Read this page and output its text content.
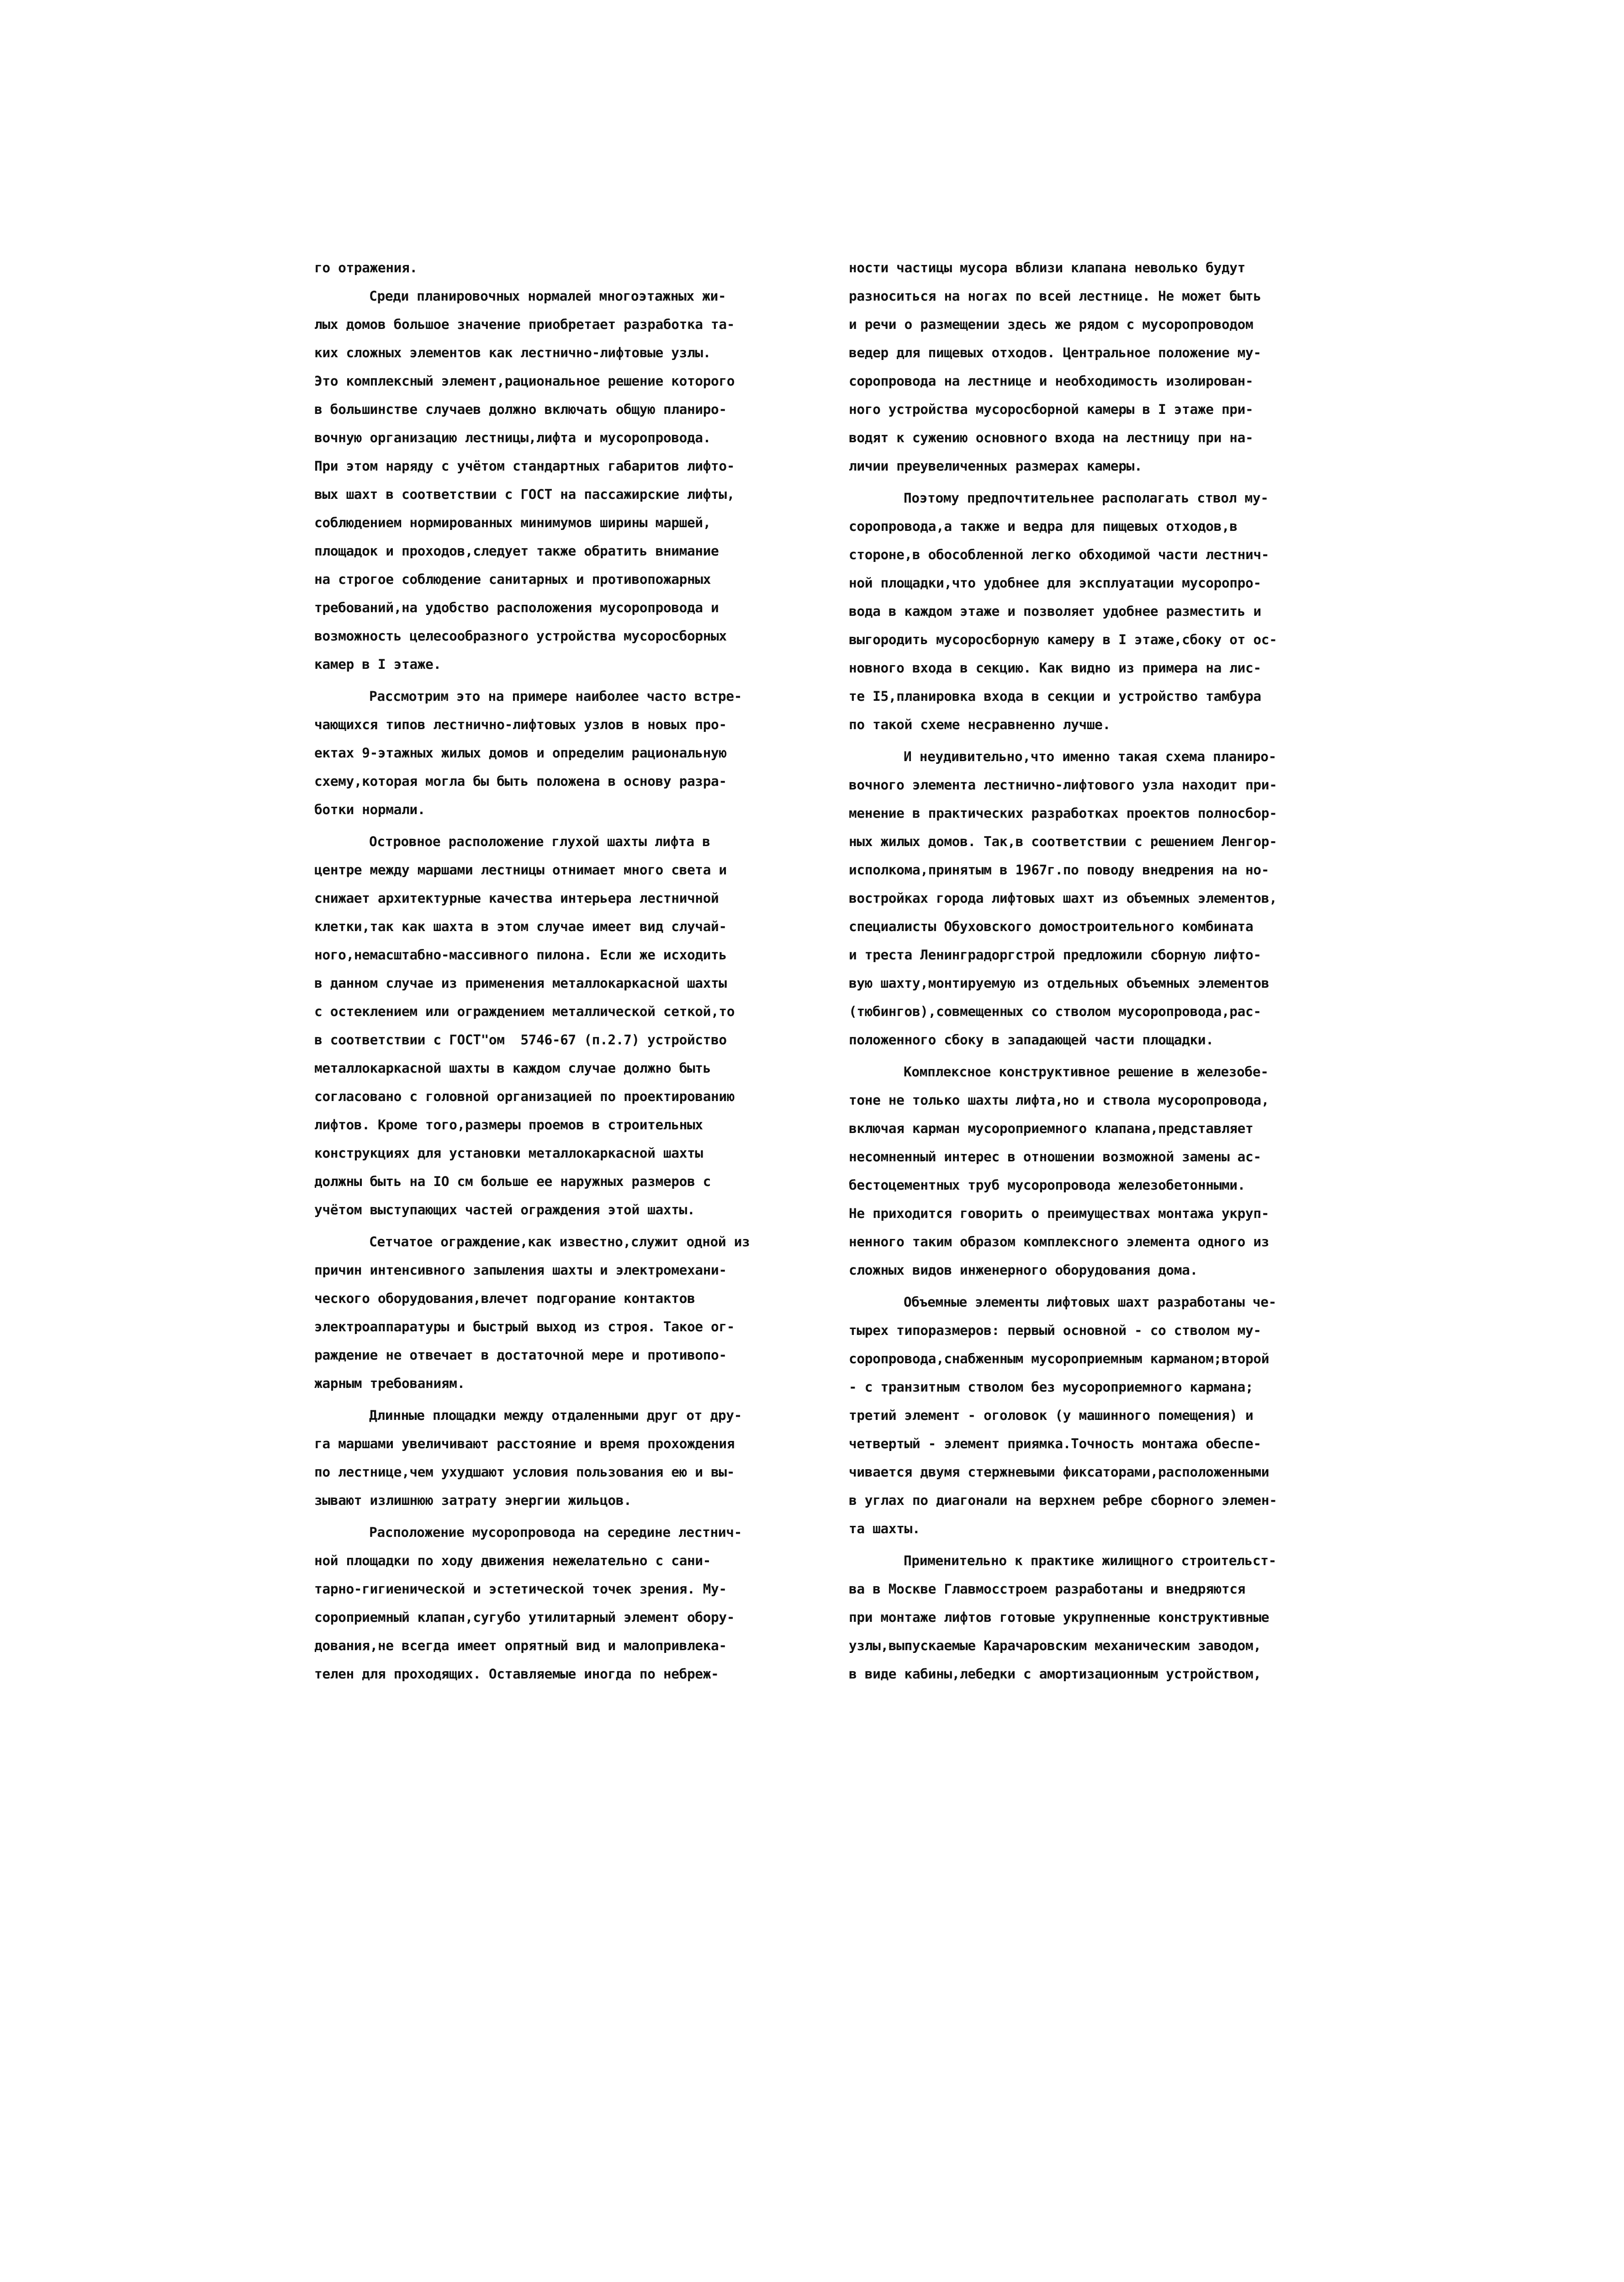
го отражения.
Среди планировочных нормалей многоэтажных жи-
лых домов большое значение приобретает разработка та-
ких сложных элементов как лестнично-лифтовые узлы.
Это комплексный элемент,рациональное решение которого
в большинстве случаев должно включать общую планиро-
вочную организацию лестницы,лифта и мусоропровода.
При этом наряду с учётом стандартных габаритов лифто-
вых шахт в соответствии с ГОСТ на пассажирские лифты,
соблюдением нормированных минимумов ширины маршей,
площадок и проходов,следует также обратить внимание
на строгое соблюдение санитарных и противопожарных
требований,на удобство расположения мусоропровода и
возможность целесообразного устройства мусоросборных
камер в I этаже.
Рассмотрим это на примере наиболее часто встре-
чающихся типов лестнично-лифтовых узлов в новых про-
ектах 9-этажных жилых домов и определим рациональную
схему,которая могла бы быть положена в основу разра-
ботки нормали.
Островное расположение глухой шахты лифта в
центре между маршами лестницы отнимает много света и
снижает архитектурные качества интерьера лестничной
клетки,так как шахта в этом случае имеет вид случай-
ного,немасштабно-массивного пилона. Если же исходить
в данном случае из применения металлокаркасной шахты
с остеклением или ограждением металлической сеткой,то
в соответствии с ГОСТ"ом  5746-67 (п.2.7) устройство
металлокаркасной шахты в каждом случае должно быть
согласовано с головной организацией по проектированию
лифтов. Кроме того,размеры проемов в строительных
конструкциях для установки металлокаркасной шахты
должны быть на IO см больше ее наружных размеров с
учётом выступающих частей ограждения этой шахты.
Сетчатое ограждение,как известно,служит одной из
причин интенсивного запыления шахты и электромехани-
ческого оборудования,влечет подгорание контактов
электроаппаратуры и быстрый выход из строя. Такое ог-
раждение не отвечает в достаточной мере и противопо-
жарным требованиям.
Длинные площадки между отдаленными друг от дру-
га маршами увеличивают расстояние и время прохождения
по лестнице,чем ухудшают условия пользования ею и вы-
зывают излишнюю затрату энергии жильцов.
Расположение мусоропровода на середине лестнич-
ной площадки по ходу движения нежелательно с сани-
тарно-гигиенической и эстетической точек зрения. Му-
сороприемный клапан,сугубо утилитарный элемент обору-
дования,не всегда имеет опрятный вид и малопривлека-
телен для проходящих. Оставляемые иногда по небреж-
ности частицы мусора вблизи клапана неволько будут
разноситься на ногах по всей лестнице. Не может быть
и речи о размещении здесь же рядом с мусоропроводом
ведер для пищевых отходов. Центральное положение му-
соропровода на лестнице и необходимость изолирован-
ного устройства мусоросборной камеры в I этаже при-
водят к сужению основного входа на лестницу при на-
личии преувеличенных размерах камеры.
Поэтому предпочтительнее располагать ствол му-
соропровода,а также и ведра для пищевых отходов,в
стороне,в обособленной легко обходимой части лестнич-
ной площадки,что удобнее для эксплуатации мусоропро-
вода в каждом этаже и позволяет удобнее разместить и
выгородить мусоросборную камеру в I этаже,сбоку от ос-
новного входа в секцию. Как видно из примера на лис-
те I5,планировка входа в секции и устройство тамбура
по такой схеме несравненно лучше.
И неудивительно,что именно такая схема планиро-
вочного элемента лестнично-лифтового узла находит при-
менение в практических разработках проектов полносбор-
ных жилых домов. Так,в соответствии с решением Ленгор-
исполкома,принятым в 1967г.по поводу внедрения на но-
востройках города лифтовых шахт из объемных элементов,
специалисты Обуховского домостроительного комбината
и треста Ленинградоргстрой предложили сборную лифто-
вую шахту,монтируемую из отдельных объемных элементов
(тюбингов),совмещенных со стволом мусоропровода,рас-
положенного сбоку в западающей части площадки.
Комплексное конструктивное решение в железобе-
тоне не только шахты лифта,но и ствола мусоропровода,
включая карман мусороприемного клапана,представляет
несомненный интерес в отношении возможной замены ас-
бестоцементных труб мусоропровода железобетонными.
Не приходится говорить о преимуществах монтажа укруп-
ненного таким образом комплексного элемента одного из
сложных видов инженерного оборудования дома.
Объемные элементы лифтовых шахт разработаны че-
тырех типоразмеров: первый основной - со стволом му-
соропровода,снабженным мусороприемным карманом;второй
- с транзитным стволом без мусороприемного кармана;
третий элемент - оголовок (у машинного помещения) и
четвертый - элемент приямка.Точность монтажа обеспе-
чивается двумя стержневыми фиксаторами,расположенными
в углах по диагонали на верхнем ребре сборного элемен-
та шахты.
Применительно к практике жилищного строительст-
ва в Москве Главмосстроем разработаны и внедряются
при монтаже лифтов готовые укрупненные конструктивные
узлы,выпускаемые Карачаровским механическим заводом,
в виде кабины,лебедки с амортизационным устройством,
